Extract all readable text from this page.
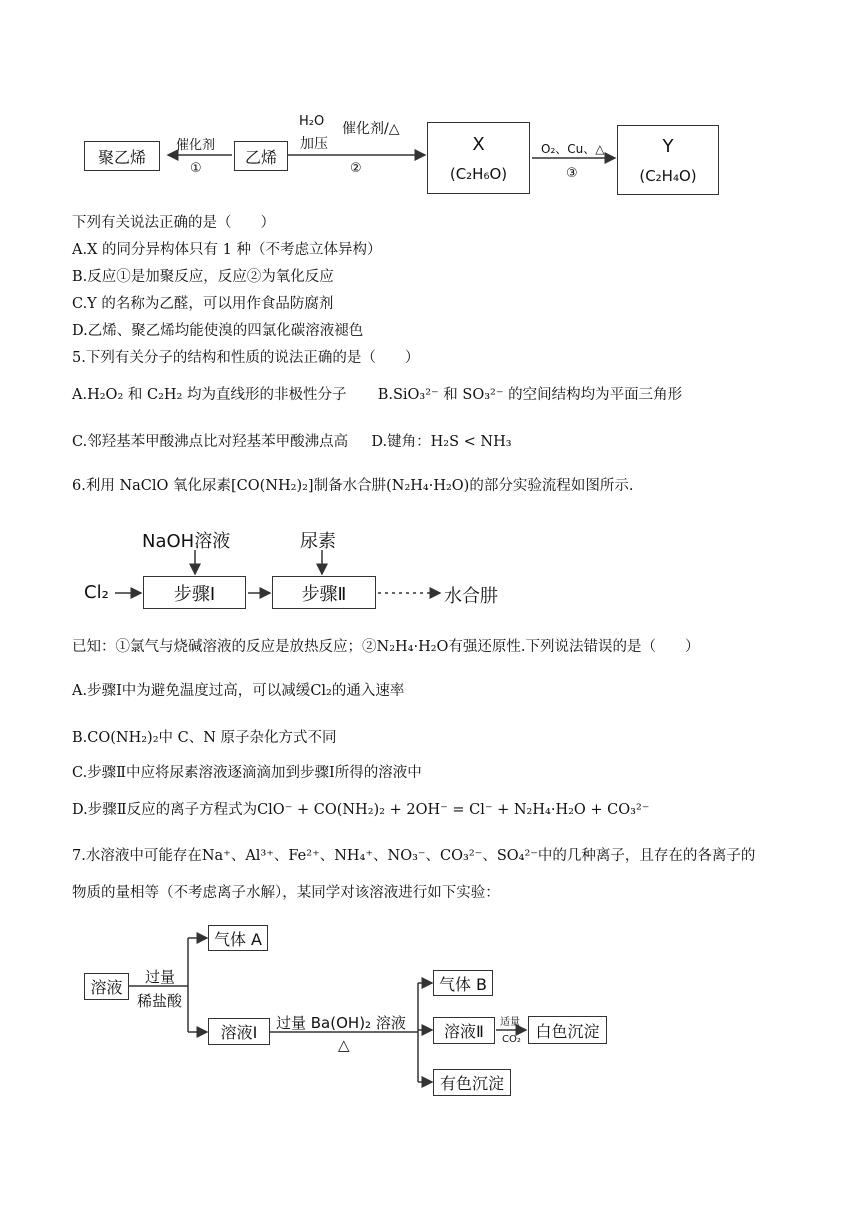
聚乙烯	乙烯
X
(C₂H₆O)
Y
(C₂H₄O)
催化剂
①
H₂O
加压
催化剂/△
②
O₂、Cu、△
③
下列有关说法正确的是（　　）
A.X 的同分异构体只有 1 种（不考虑立体异构）
B.反应①是加聚反应，反应②为氧化反应
C.Y 的名称为乙醛，可以用作食品防腐剂
D.乙烯、聚乙烯均能使溴的四氯化碳溶液褪色
5.下列有关分子的结构和性质的说法正确的是（　　）
A.H₂O₂ 和 C₂H₂ 均为直线形的非极性分子 B.SiO₃²⁻ 和 SO₃²⁻ 的空间结构均为平面三角形
C.邻羟基苯甲酸沸点比对羟基苯甲酸沸点高 D.键角：H₂S < NH₃
6.利用 NaClO 氧化尿素[CO(NH₂)₂]制备水合肼(N₂H₄·H₂O)的部分实验流程如图所示.
NaOH溶液	尿素
Cl₂	步骤Ⅰ	步骤Ⅱ	水合肼
已知：①氯气与烧碱溶液的反应是放热反应；②N₂H₄·H₂O有强还原性.下列说法错误的是（　　）
A.步骤Ⅰ中为避免温度过高，可以减缓Cl₂的通入速率
B.CO(NH₂)₂中 C、N 原子杂化方式不同
C.步骤Ⅱ中应将尿素溶液逐滴滴加到步骤Ⅰ所得的溶液中
D.步骤Ⅱ反应的离子方程式为ClO⁻ + CO(NH₂)₂ + 2OH⁻ = Cl⁻ + N₂H₄·H₂O + CO₃²⁻
7.水溶液中可能存在Na⁺、Al³⁺、Fe²⁺、NH₄⁺、NO₃⁻、CO₃²⁻、SO₄²⁻中的几种离子，且存在的各离子的
物质的量相等（不考虑离子水解），某同学对该溶液进行如下实验：
溶液
过量
稀盐酸
气体 A
溶液Ⅰ	过量 Ba(OH)₂ 溶液
△
气体 B
溶液Ⅱ	适量
CO₂ 白色沉淀
有色沉淀
